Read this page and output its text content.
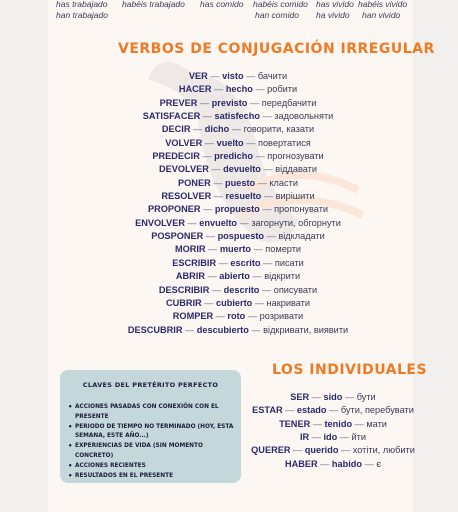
has trabajado habéis trabajado has comido habéis comido has vivido habéis vivido
han trabajado	han comido ha vivido han vivido
VERBOS DE CONJUGACIÓN IRREGULAR
VER — visto — бачити
HACER — hecho — робити
PREVER — previsto — передбачити
SATISFACER — satisfecho — задовольняти
DECIR — dicho — говорити, казати
VOLVER — vuelto — повертатися
PREDECIR — predicho — прогнозувати
DEVOLVER — devuelto — віддавати
PONER — puesto — класти
RESOLVER — resuelto — вирішити
PROPONER — propuesto — пропонувати
ENVOLVER — envuelto — загорнути, обгорнути
POSPONER — pospuesto — відкладати
MORIR — muerto — померти
ESCRIBIR — escrito — писати
ABRIR — abierto — відкрити
DESCRIBIR — descrito — описувати
CUBRIR — cubierto — накривати
ROMPER — roto — розривати
DESCUBRIR — descubierto — відкривати, виявити
CLAVES DEL PRETÉRITO PERFECTO
• ACCIONES PASADAS CON CONEXIÓN CON EL PRESENTE
• PERIODO DE TIEMPO NO TERMINADO (HOY, ESTA SEMANA, ESTE AÑO...)
• EXPERIENCIAS DE VIDA (SIN MOMENTO CONCRETO)
• ACCIONES RECIENTES
• RESULTADOS EN EL PRESENTE
LOS INDIVIDUALES
SER — sido — бути
ESTAR — estado — бути, перебувати
TENER — tenido — мати
IR — ido — йти
QUERER — querido — хотіти, любити
HABER — habido — є
